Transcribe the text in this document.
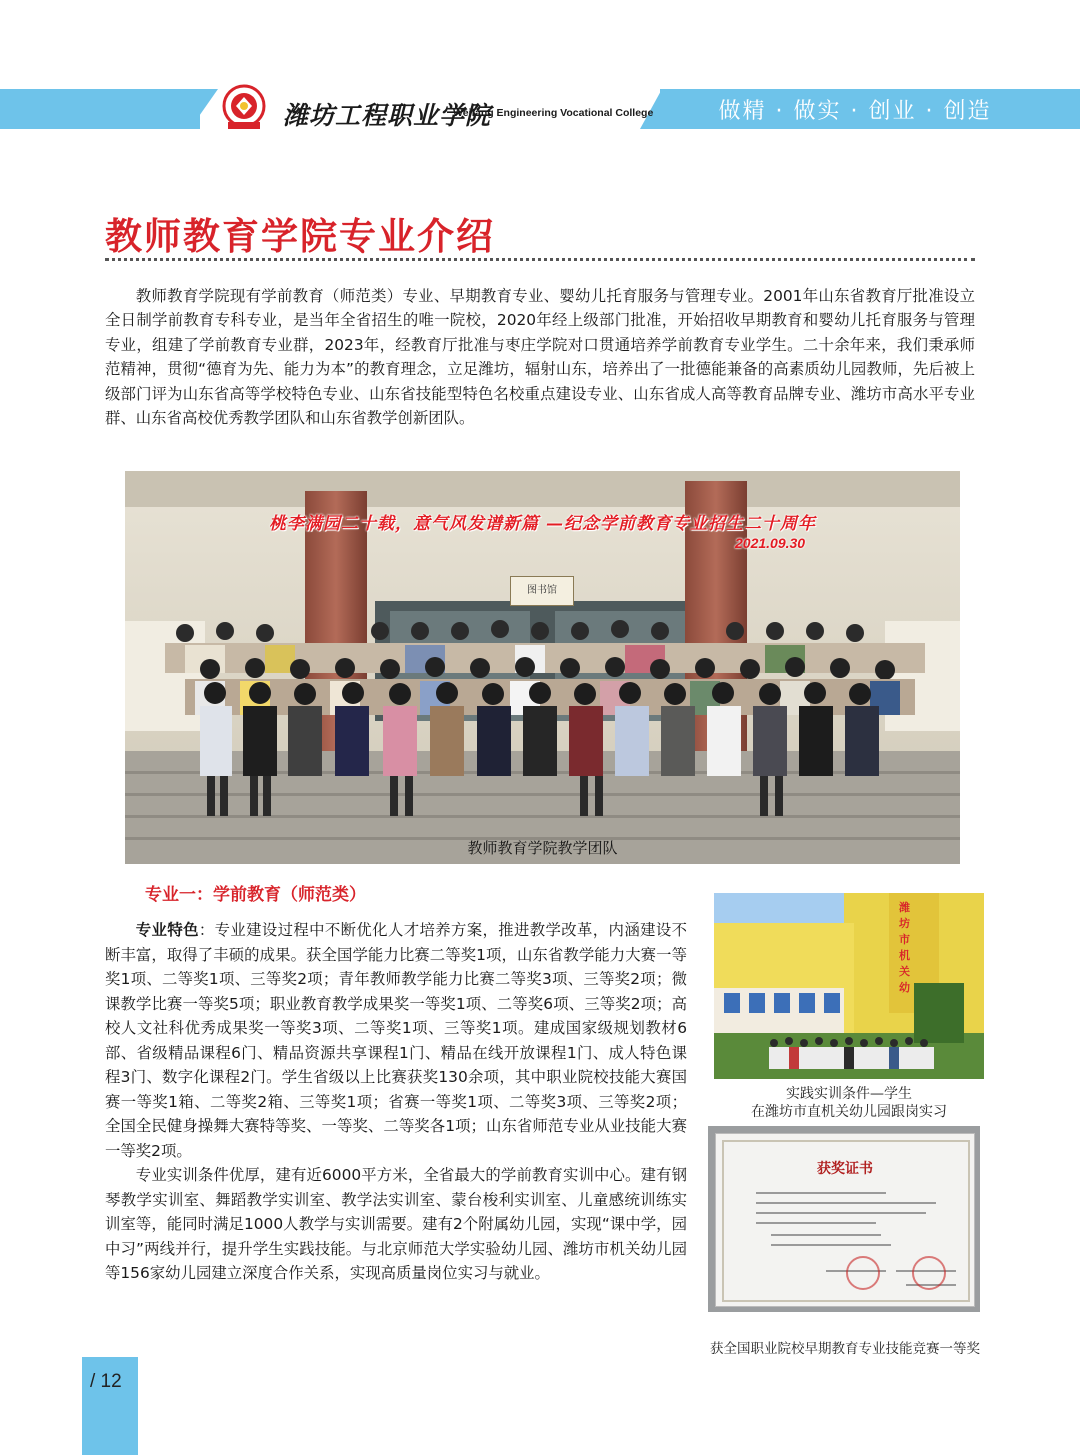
潍坊工程职业学院
Weifang Engineering Vocational College	做精 · 做实 · 创业 · 创造
教师教育学院专业介绍

教师教育学院现有学前教育（师范类）专业、早期教育专业、婴幼儿托育服务与管理专业。2001年山东省教育厅批准设立全日制学前教育专科专业，是当年全省招生的唯一院校，2020年经上级部门批准，开始招收早期教育和婴幼儿托育服务与管理专业，组建了学前教育专业群，2023年，经教育厅批准与枣庄学院对口贯通培养学前教育专业学生。二十余年来，我们秉承师范精神，贯彻“德育为先、能力为本”的教育理念，立足潍坊，辐射山东，培养出了一批德能兼备的高素质幼儿园教师，先后被上级部门评为山东省高等学校特色专业、山东省技能型特色名校重点建设专业、山东省成人高等教育品牌专业、潍坊市高水平专业群、山东省高校优秀教学团队和山东省教学创新团队。

图书馆
桃李满园二十载，意气风发谱新篇 —纪念学前教育专业招生二十周年
2021.09.30
教师教育学院教学团队
专业一：学前教育（师范类）

专业特色：专业建设过程中不断优化人才培养方案，推进教学改革，内涵建设不断丰富，取得了丰硕的成果。获全国学能力比赛二等奖1项，山东省教学能力大赛一等奖1项、二等奖1项、三等奖2项；青年教师教学能力比赛二等奖3项、三等奖2项；微课教学比赛一等奖5项；职业教育教学成果奖一等奖1项、二等奖6项、三等奖2项；高校人文社科优秀成果奖一等奖3项、二等奖1项、三等奖1项。建成国家级规划教材6部、省级精品课程6门、精品资源共享课程1门、精品在线开放课程1门、成人特色课程3门、数字化课程2门。学生省级以上比赛获奖130余项，其中职业院校技能大赛国赛一等奖1箱、二等奖2箱、三等奖1项；省赛一等奖1项、二等奖3项、三等奖2项；全国全民健身操舞大赛特等奖、一等奖、二等奖各1项；山东省师范专业从业技能大赛一等奖2项。

专业实训条件优厚，建有近6000平方米，全省最大的学前教育实训中心。建有钢琴教学实训室、舞蹈教学实训室、教学法实训室、蒙台梭利实训室、儿童感统训练实训室等，能同时满足1000人教学与实训需要。建有2个附属幼儿园，实现“课中学，园中习”两线并行，提升学生实践技能。与北京师范大学实验幼儿园、潍坊市机关幼儿园等156家幼儿园建立深度合作关系，实现高质量岗位实习与就业。

潍
坊
市
机
关
幼
实践实训条件—学生
在潍坊市直机关幼儿园跟岗实习
获奖证书
获全国职业院校早期教育专业技能竞赛一等奖
/ 12
